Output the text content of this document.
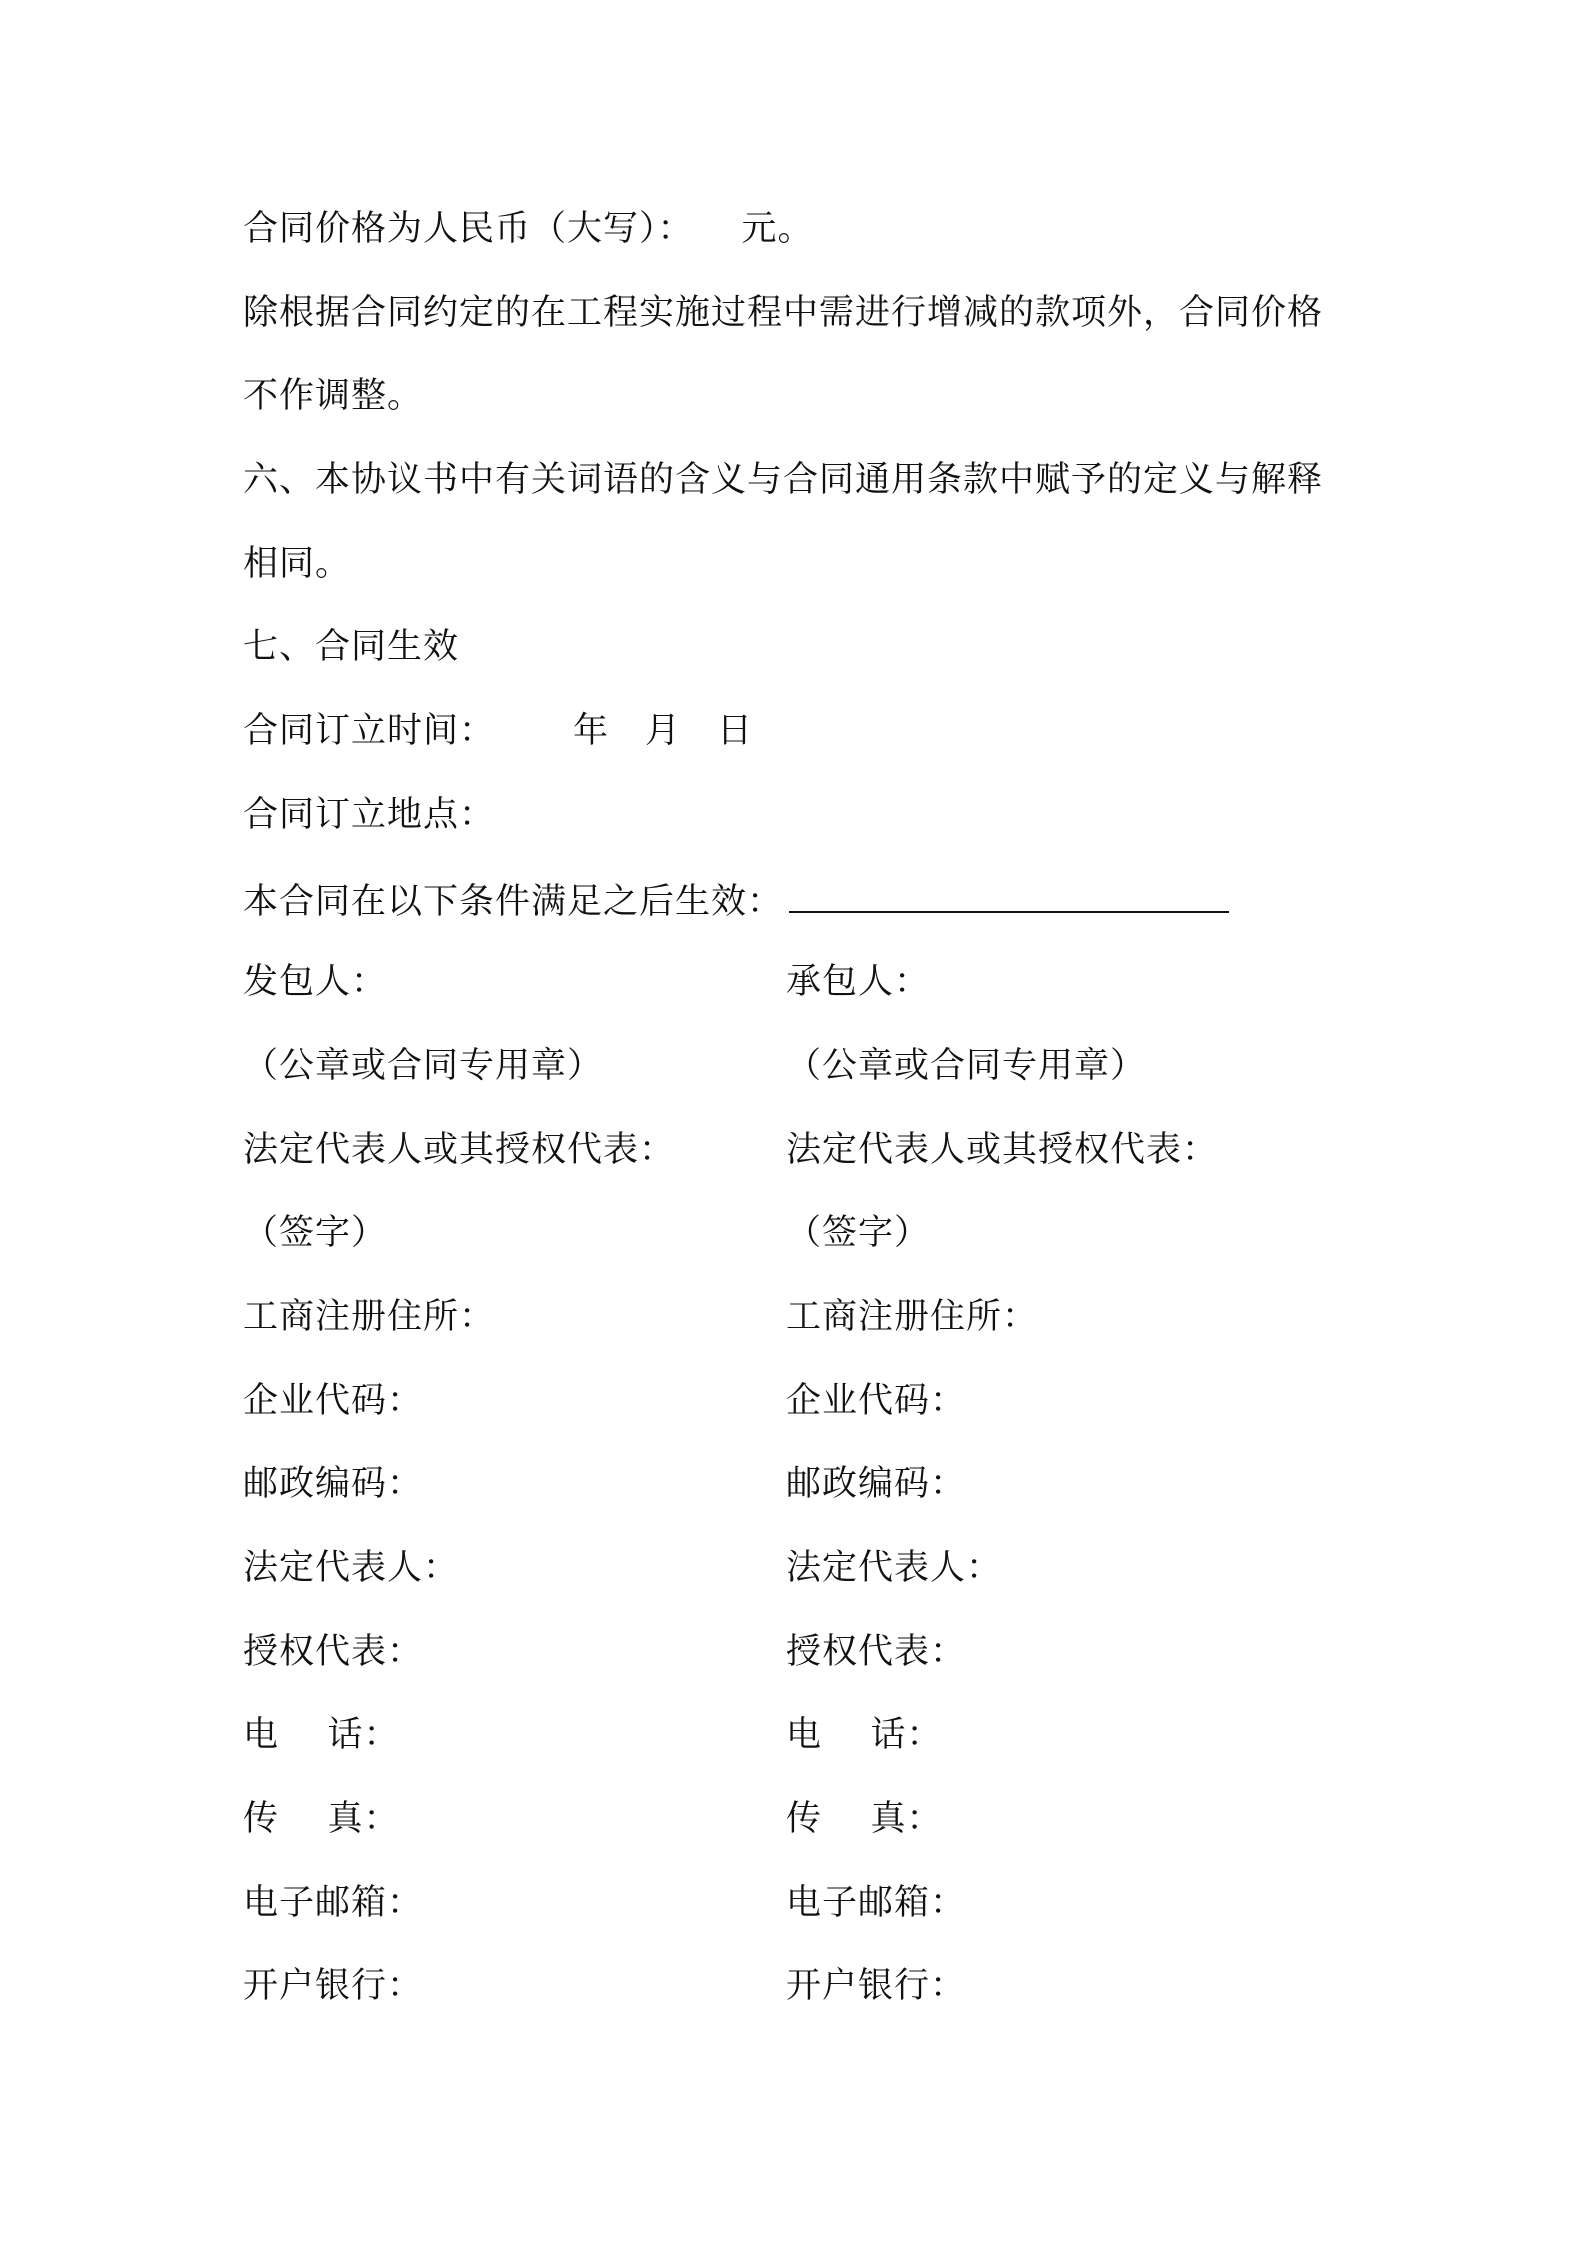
合同价格为人民币（大写）： 元。
除根据合同约定的在工程实施过程中需进行增减的款项外，合同价格
不作调整。
六、本协议书中有关词语的含义与合同通用条款中赋予的定义与解释
相同。
七、合同生效
合同订立时间： 年 月 日
合同订立地点：
本合同在以下条件满足之后生效：
发包人：	承包人：
（公章或合同专用章）	（公章或合同专用章）
法定代表人或其授权代表：	法定代表人或其授权代表：
（签字）	（签字）
工商注册住所：	工商注册住所：
企业代码：	企业代码：
邮政编码：	邮政编码：
法定代表人：	法定代表人：
授权代表：	授权代表：
电    话：	电    话：
传    真：	传    真：
电子邮箱：	电子邮箱：
开户银行：	开户银行：
